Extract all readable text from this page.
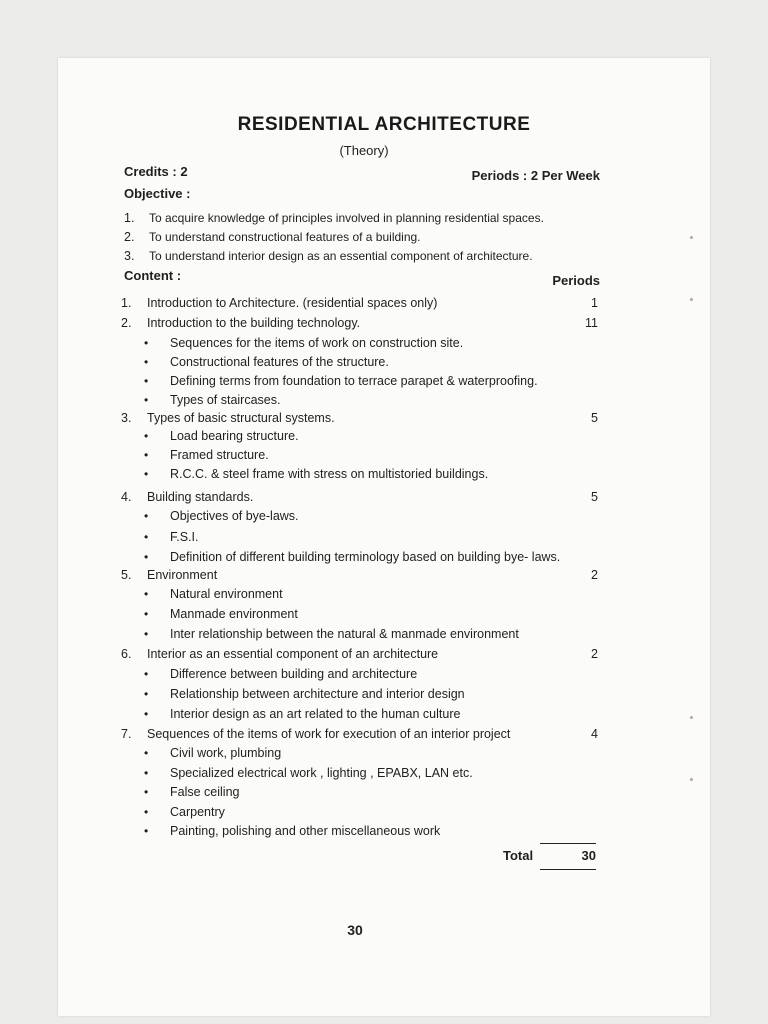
RESIDENTIAL ARCHITECTURE
(Theory)
Credits : 2	Periods : 2 Per Week
Objective :
1.	To acquire knowledge of principles involved in planning residential spaces.
2.	To understand constructional features of a building.
3.	To understand interior design as an essential component of architecture.
Content :	Periods
1.	Introduction to Architecture. (residential spaces only)	1
2.	Introduction to the building technology.	11
•	Sequences for the items of work on construction site.
•	Constructional features of the structure.
•	Defining terms from foundation to terrace parapet & waterproofing.
•	Types of staircases.
3.	Types of basic structural systems.	5
•	Load bearing structure.
•	Framed structure.
•	R.C.C. & steel frame with stress on multistoried buildings.
4.	Building standards.	5
•	Objectives of bye-laws.
•	F.S.I.
•	Definition of different building terminology based on building bye- laws.
5.	Environment	2
•	Natural environment
•	Manmade environment
•	Inter relationship between the natural & manmade environment
6.	Interior as an essential component of an architecture	2
•	Difference between building and architecture
•	Relationship between architecture and interior design
•	Interior design as an art related to the human culture
7.	Sequences of the items of work for execution of an interior project	4
•	Civil work, plumbing
•	Specialized electrical work , lighting , EPABX, LAN etc.
•	False ceiling
•	Carpentry
•	Painting, polishing and other miscellaneous work
Total	30
30
